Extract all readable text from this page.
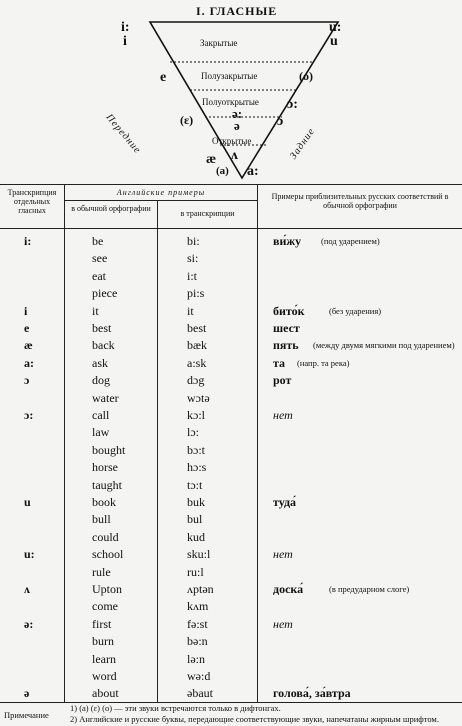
I. ГЛАСНЫЕ
Закрытые
Полузакрытые
Полуоткрытые
Открытые
i:
i
u:
u
e	(o)
(ɛ)	ə:
ə
ɔ:
ɔ
æ ʌ
(a) a:
Передние	Задние
Транскрипция отдельных гласных
Английские примеры
в обычной орфографии
в транскрипции
Примеры приблизительных русских соответствий в обычной орфографии
i:	be	bi:	ви́жу (под ударением)
see	si:
eat	i:t
piece	pi:s
i	it	it	бито́к	(без ударения)
e	best	best	шест
æ	back	bæk	пять (между двумя мягкими под ударением)
a:	ask	a:sk	та (напр. та река)
ɔ	dog	dɔg	рот
water	wɔtə
ɔ:	call	kɔ:l	нет
law	lɔ:
bought	bɔ:t
horse	hɔ:s
taught	tɔ:t
u	book	buk	туда́
bull	bul
could	kud
u:	school	sku:l	нет
rule	ru:l
ʌ	Upton	ʌptən	доска́	(в предударном слоге)
come	kʌm
ə:	first	fə:st	нет
burn	bə:n
learn	lə:n
word	wə:d
ə	about	əbaut	голова́, за́втра
Примечание
1) (a) (ɛ) (o) — эти звуки встречаются только в дифтонгах.
2) Английские и русские буквы, передающие соответствующие звуки, напечатаны жирным шрифтом.
